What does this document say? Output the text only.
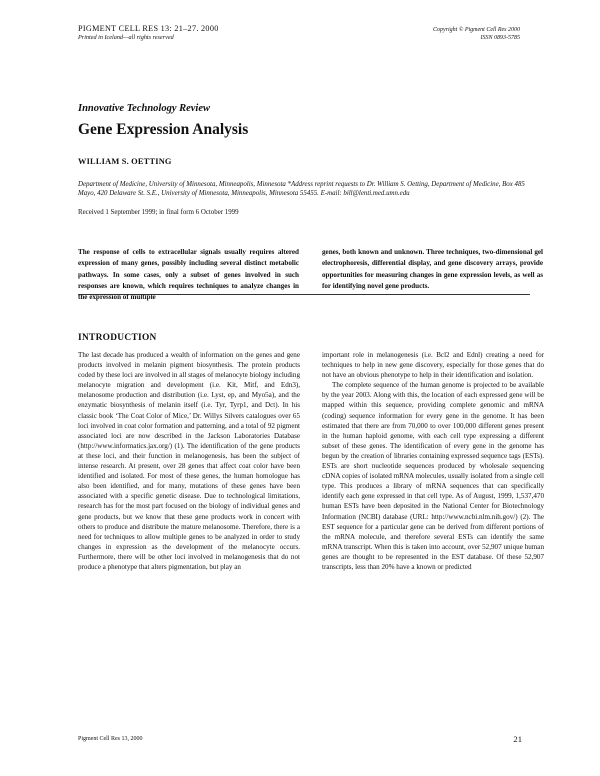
PIGMENT CELL RES 13: 21–27. 2000
Printed in Iceland—all rights reserved
Copyright © Pigment Cell Res 2000
ISSN 0893-5785
Innovative Technology Review
Gene Expression Analysis
WILLIAM S. OETTING
Department of Medicine, University of Minnesota, Minneapolis, Minnesota *Address reprint requests to Dr. William S. Oetting, Department of Medicine, Box 485 Mayo, 420 Delaware St. S.E., University of Minnesota, Minneapolis, Minnesota 55455. E-mail: bill@lenti.med.umn.edu
Received 1 September 1999; in final form 6 October 1999
The response of cells to extracellular signals usually requires altered expression of many genes, possibly including several distinct metabolic pathways. In some cases, only a subset of genes involved in such responses are known, which requires techniques to analyze changes in the expression of multiple
genes, both known and unknown. Three techniques, two-dimensional gel electrophoresis, differential display, and gene discovery arrays, provide opportunities for measuring changes in gene expression levels, as well as for identifying novel gene products.
INTRODUCTION

The last decade has produced a wealth of information on the genes and gene products involved in melanin pigment biosynthesis. The protein products coded by these loci are involved in all stages of melanocyte biology including melanocyte migration and development (i.e. Kit, Mitf, and Edn3), melanosome production and distribution (i.e. Lyst, ep, and Myo5a), and the enzymatic biosynthesis of melanin itself (i.e. Tyr, Tyrp1, and Dct). In his classic book ‘The Coat Color of Mice,’ Dr. Willys Silvers catalogues over 65 loci involved in coat color formation and patterning, and a total of 92 pigment associated loci are now described in the Jackson Laboratories Database (http://www.informatics.jax.org/) (1). The identification of the gene products at these loci, and their function in melanogenesis, has been the subject of intense research. At present, over 28 genes that affect coat color have been identified and isolated. For most of these genes, the human homologue has also been identified, and for many, mutations of these genes have been associated with a specific genetic disease. Due to technological limitations, research has for the most part focused on the biology of individual genes and gene products, but we know that these gene products work in concert with others to produce and distribute the mature melanosome. Therefore, there is a need for techniques to allow multiple genes to be analyzed in order to study changes in expression as the development of the melanocyte occurs. Furthermore, there will be other loci involved in melanogenesis that do not produce a phenotype that alters pigmentation, but play an

important role in melanogenesis (i.e. Bcl2 and Ednl) creating a need for techniques to help in new gene discovery, especially for those genes that do not have an obvious phenotype to help in their identification and isolation.

The complete sequence of the human genome is projected to be available by the year 2003. Along with this, the location of each expressed gene will be mapped within this sequence, providing complete genomic and mRNA (coding) sequence information for every gene in the genome. It has been estimated that there are from 70,000 to over 100,000 different genes present in the human haploid genome, with each cell type expressing a different subset of these genes. The identification of every gene in the genome has begun by the creation of libraries containing expressed sequence tags (ESTs). ESTs are short nucleotide sequences produced by wholesale sequencing cDNA copies of isolated mRNA molecules, usually isolated from a single cell type. This produces a library of mRNA sequences that can specifically identify each gene expressed in that cell type. As of August, 1999, 1,537,470 human ESTs have been deposited in the National Center for Biotechnology Information (NCBI) database (URL: http://www.ncbi.nlm.nih.gov/) (2). The EST sequence for a particular gene can be derived from different portions of the mRNA molecule, and therefore several ESTs can identify the same mRNA transcript. When this is taken into account, over 52,907 unique human genes are thought to be represented in the EST database. Of these 52,907 transcripts, less than 20% have a known or predicted

Pigment Cell Res 13, 2000	21
